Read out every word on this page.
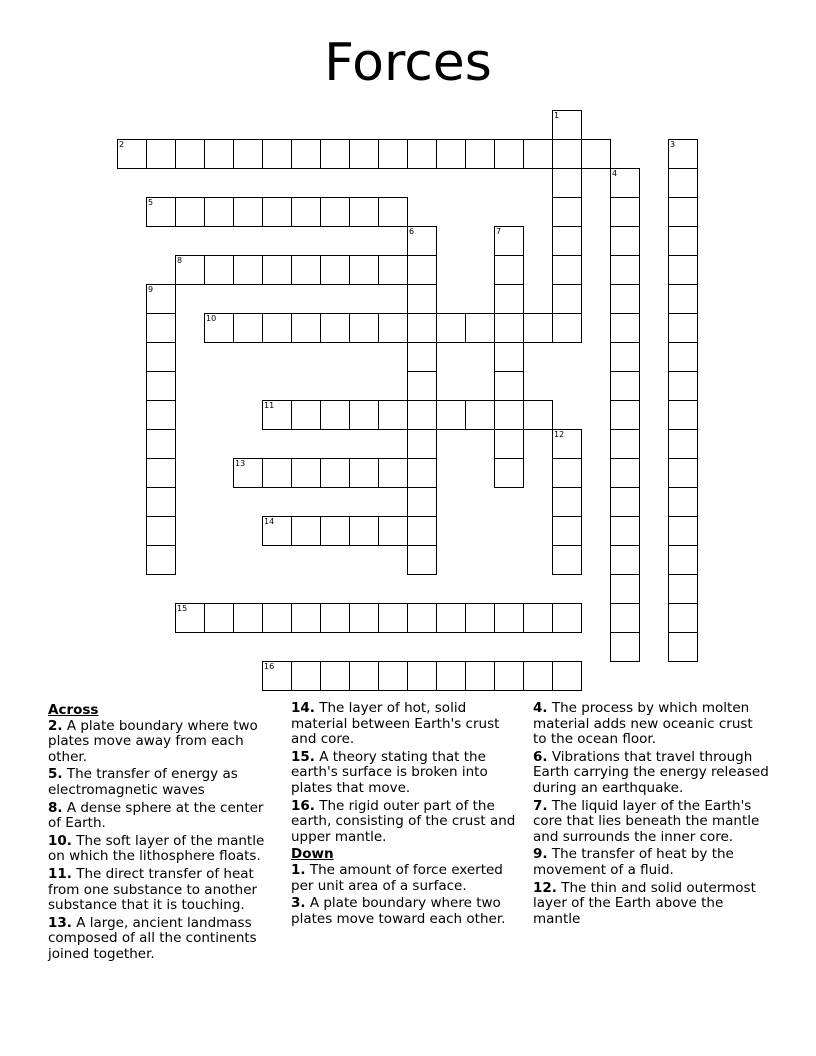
Forces
1
2	3
4
5
6	7
8
9
10
11
12
13
14
15
16
Across
2. A plate boundary where two plates move away from each other.
5. The transfer of energy as electromagnetic waves
8. A dense sphere at the center of Earth.
10. The soft layer of the mantle on which the lithosphere floats.
11. The direct transfer of heat from one substance to another substance that it is touching.
13. A large, ancient landmass composed of all the continents joined together.
14. The layer of hot, solid material between Earth's crust and core.
15. A theory stating that the earth's surface is broken into plates that move.
16. The rigid outer part of the earth, consisting of the crust and upper mantle.
Down
1. The amount of force exerted per unit area of a surface.
3. A plate boundary where two plates move toward each other.
4. The process by which molten material adds new oceanic crust to the ocean floor.
6. Vibrations that travel through Earth carrying the energy released during an earthquake.
7. The liquid layer of the Earth's core that lies beneath the mantle and surrounds the inner core.
9. The transfer of heat by the movement of a fluid.
12. The thin and solid outermost layer of the Earth above the mantle
